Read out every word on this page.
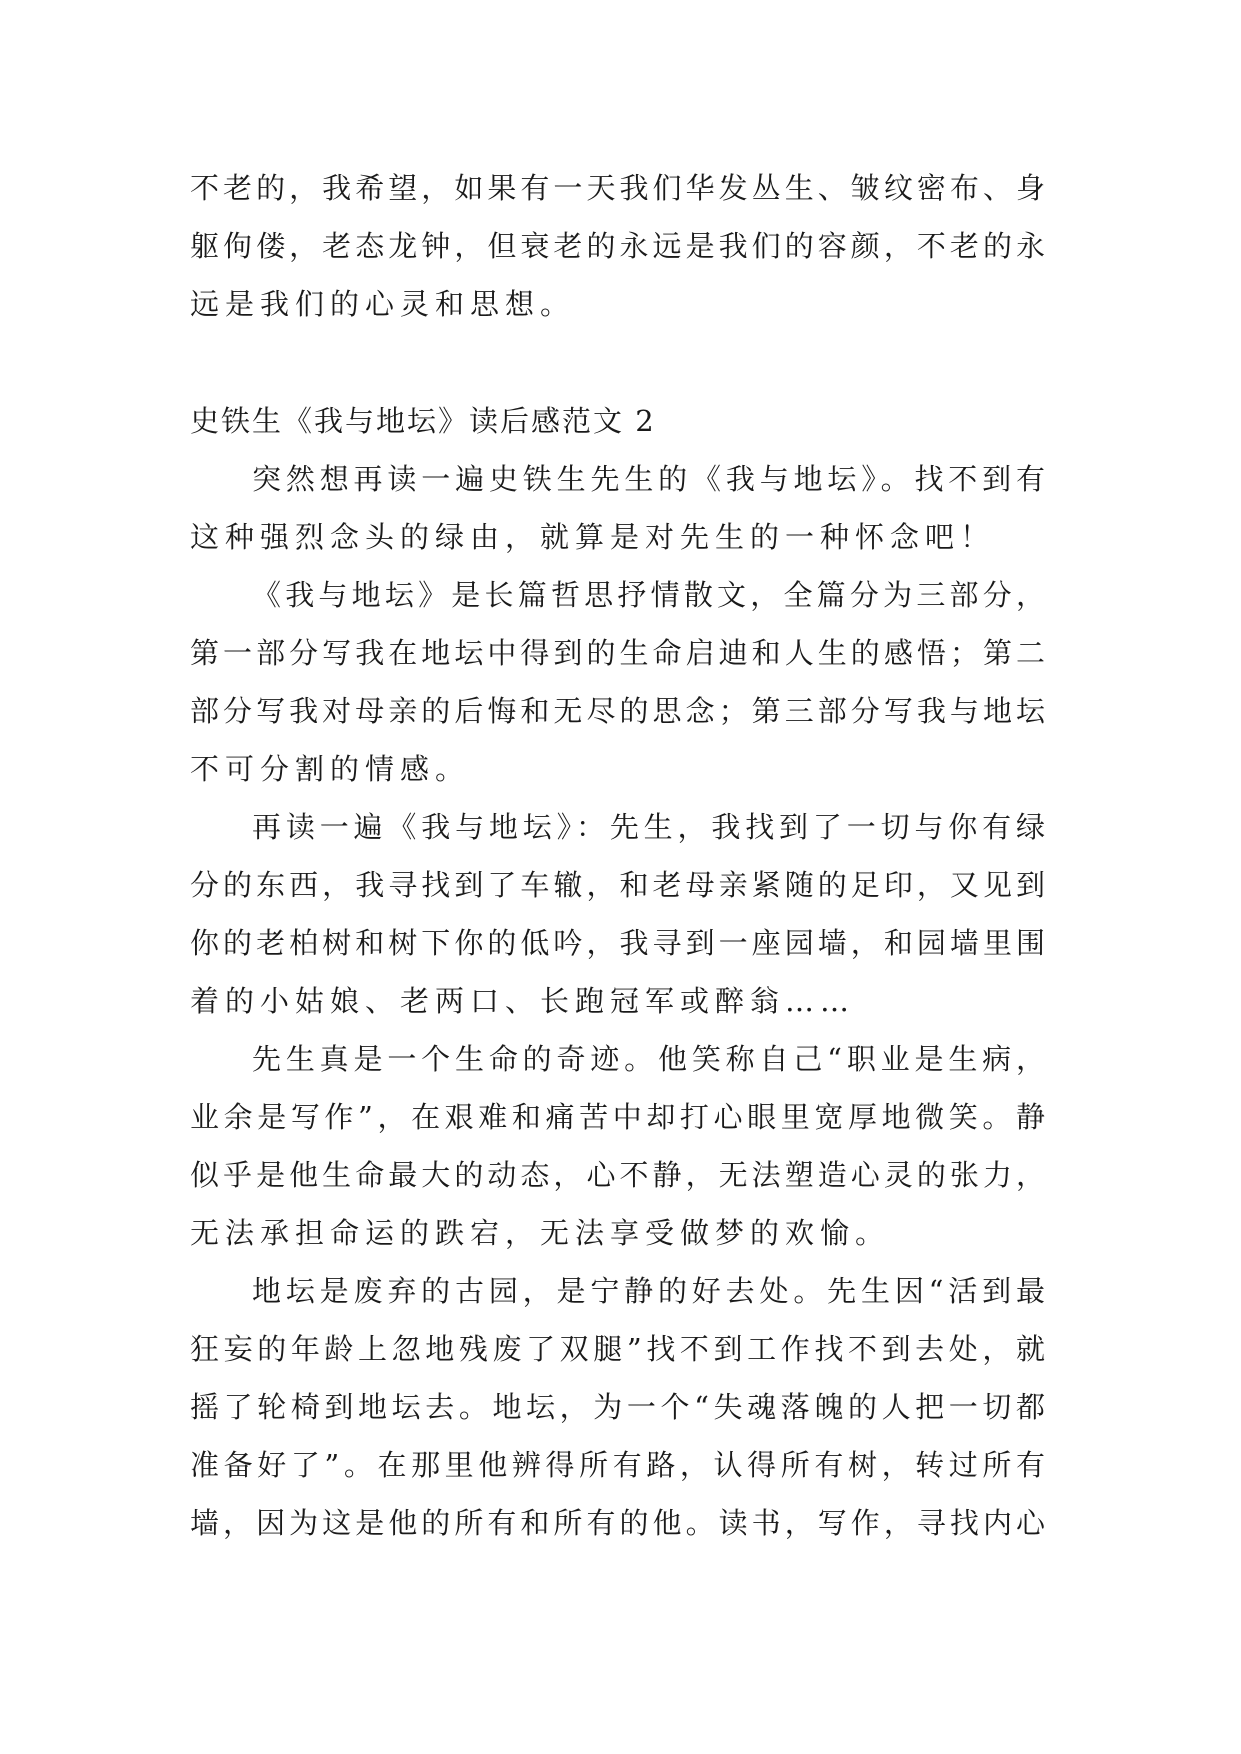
不老的，我希望，如果有一天我们华发丛生、皱纹密布、身
躯佝偻，老态龙钟，但衰老的永远是我们的容颜，不老的永
远是我们的心灵和思想。
史铁生《我与地坛》读后感范文 2
突然想再读一遍史铁生先生的《我与地坛》。找不到有
这种强烈念头的绿由，就算是对先生的一种怀念吧！
《我与地坛》是长篇哲思抒情散文，全篇分为三部分，
第一部分写我在地坛中得到的生命启迪和人生的感悟；第二
部分写我对母亲的后悔和无尽的思念；第三部分写我与地坛
不可分割的情感。
再读一遍《我与地坛》：先生，我找到了一切与你有绿
分的东西，我寻找到了车辙，和老母亲紧随的足印，又见到
你的老柏树和树下你的低吟，我寻到一座园墙，和园墙里围
着的小姑娘、老两口、长跑冠军或醉翁……
先生真是一个生命的奇迹。他笑称自己“职业是生病，
业余是写作”，在艰难和痛苦中却打心眼里宽厚地微笑。静
似乎是他生命最大的动态，心不静，无法塑造心灵的张力，
无法承担命运的跌宕，无法享受做梦的欢愉。
地坛是废弃的古园，是宁静的好去处。先生因“活到最
狂妄的年龄上忽地残废了双腿”找不到工作找不到去处，就
摇了轮椅到地坛去。地坛，为一个“失魂落魄的人把一切都
准备好了”。在那里他辨得所有路，认得所有树，转过所有
墙，因为这是他的所有和所有的他。读书，写作，寻找内心
